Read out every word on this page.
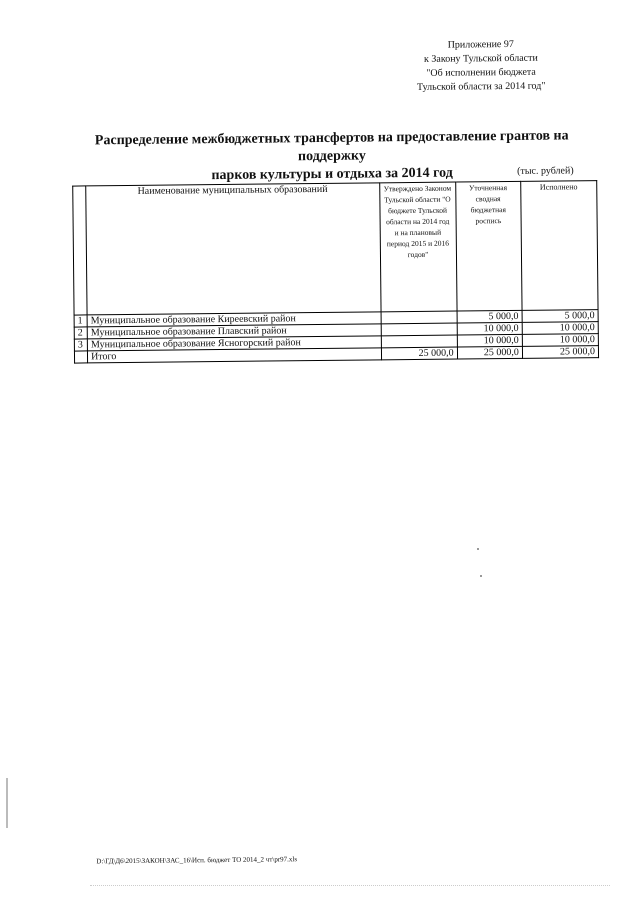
Приложение 97
к Закону Тульской области
"Об исполнении бюджета
Тульской области за 2014 год"
Распределение межбюджетных трансфертов на предоставление грантов на поддержку
парков культуры и отдыха за 2014 год	(тыс. рублей)
	Наименование муниципальных образований	Утверждено Законом Тульской области "О бюджете Тульской области на 2014 год и на плановый период 2015 и 2016 годов"	Уточненная сводная бюджетная роспись	Исполнено
1	Муниципальное образование Киреевский район		5 000,0	5 000,0
2	Муниципальное образование Плавский район		10 000,0	10 000,0
3	Муниципальное образование Ясногорский район		10 000,0	10 000,0
	Итого	25 000,0	25 000,0	25 000,0
D:\ГД\Д6\2015\ЗАКОН\ЗАС_16\Исп. бюджет ТО 2014_2 чт\pr97.xls
